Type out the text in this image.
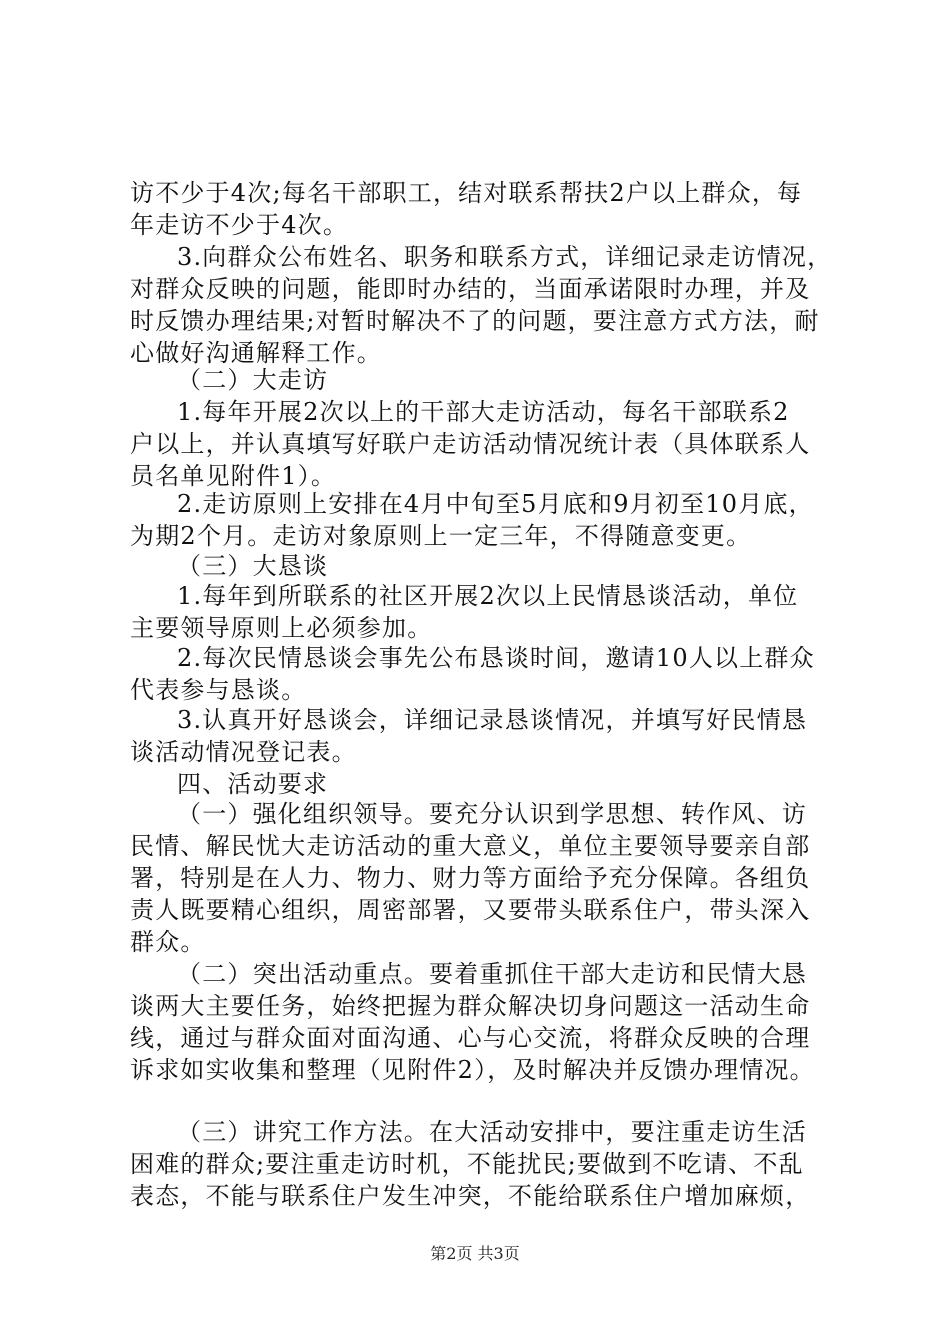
访不少于4次;每名干部职工，结对联系帮扶2户以上群众，每
年走访不少于4次。
3.向群众公布姓名、职务和联系方式，详细记录走访情况，
对群众反映的问题，能即时办结的，当面承诺限时办理，并及
时反馈办理结果;对暂时解决不了的问题，要注意方式方法，耐
心做好沟通解释工作。
（二）大走访
1.每年开展2次以上的干部大走访活动，每名干部联系2
户以上，并认真填写好联户走访活动情况统计表（具体联系人
员名单见附件1）。
2.走访原则上安排在4月中旬至5月底和9月初至10月底，
为期2个月。走访对象原则上一定三年，不得随意变更。
（三）大恳谈
1.每年到所联系的社区开展2次以上民情恳谈活动，单位
主要领导原则上必须参加。
2.每次民情恳谈会事先公布恳谈时间，邀请10人以上群众
代表参与恳谈。
3.认真开好恳谈会，详细记录恳谈情况，并填写好民情恳
谈活动情况登记表。
四、活动要求
（一）强化组织领导。要充分认识到学思想、转作风、访
民情、解民忧大走访活动的重大意义，单位主要领导要亲自部
署，特别是在人力、物力、财力等方面给予充分保障。各组负
责人既要精心组织，周密部署，又要带头联系住户，带头深入
群众。
（二）突出活动重点。要着重抓住干部大走访和民情大恳
谈两大主要任务，始终把握为群众解决切身问题这一活动生命
线，通过与群众面对面沟通、心与心交流，将群众反映的合理
诉求如实收集和整理（见附件2），及时解决并反馈办理情况。
（三）讲究工作方法。在大活动安排中，要注重走访生活
困难的群众;要注重走访时机，不能扰民;要做到不吃请、不乱
表态，不能与联系住户发生冲突，不能给联系住户增加麻烦，
第2页 共3页
